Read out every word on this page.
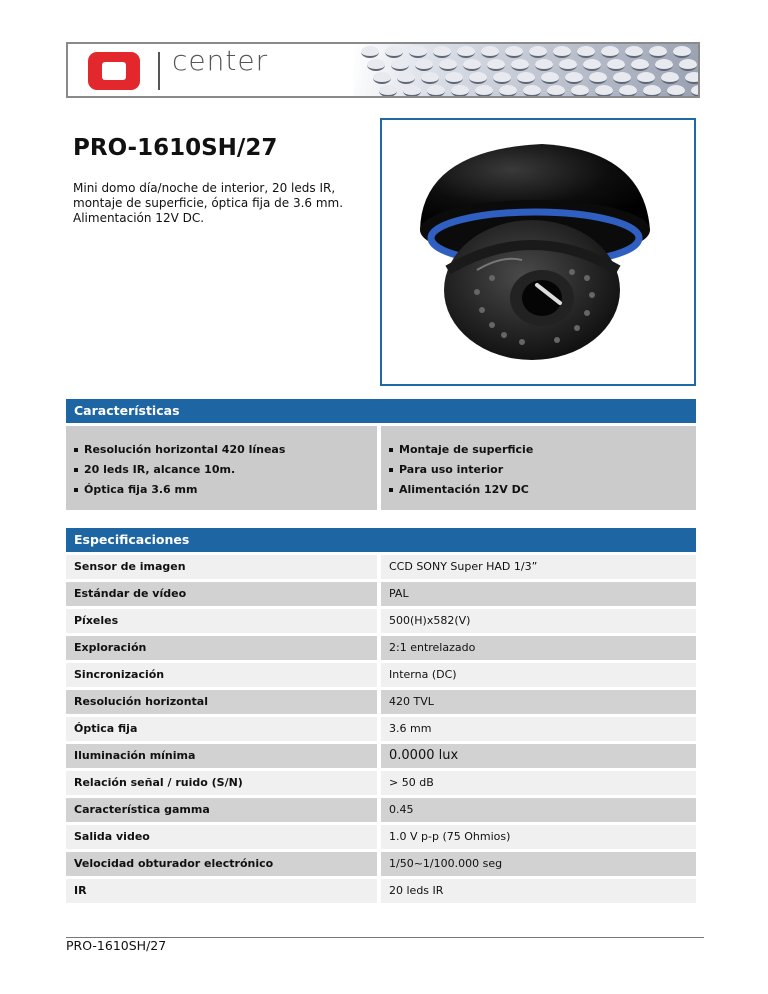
center
PRO-1610SH/27

Mini domo día/noche de interior, 20 leds IR, montaje de superficie, óptica fija de 3.6 mm. Alimentación 12V DC.

Características
Resolución horizontal 420 líneas
20 leds IR, alcance 10m.
Óptica fija 3.6 mm
Montaje de superficie
Para uso interior
Alimentación 12V DC
Especificaciones
Sensor de imagen	CCD SONY Super HAD 1/3”
Estándar de vídeo	PAL
Píxeles	500(H)x582(V)
Exploración	2:1 entrelazado
Sincronización	Interna (DC)
Resolución horizontal	420 TVL
Óptica fija	3.6 mm
Iluminación mínima	0.0000 lux
Relación señal / ruido (S/N)	> 50 dB
Característica gamma	0.45
Salida video	1.0 V p-p (75 Ohmios)
Velocidad obturador electrónico	1/50~1/100.000 seg
IR	20 leds IR
PRO-1610SH/27
